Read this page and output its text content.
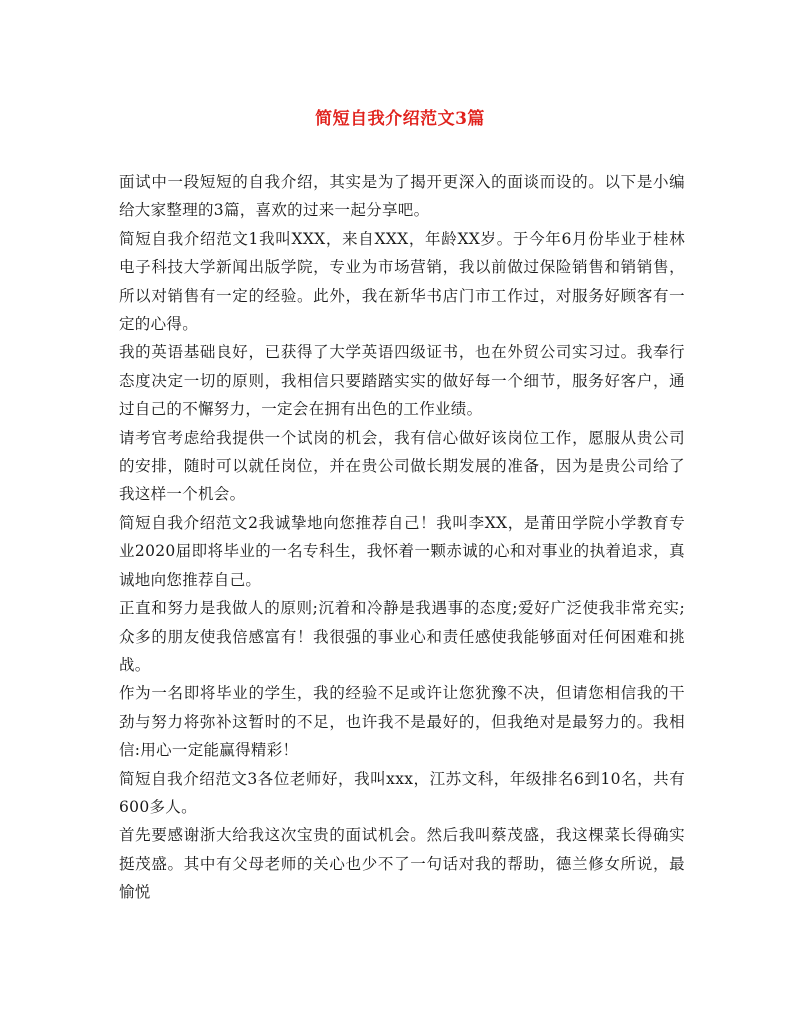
简短自我介绍范文3篇

面试中一段短短的自我介绍，其实是为了揭开更深入的面谈而设的。以下是小编给大家整理的3篇，喜欢的过来一起分享吧。

简短自我介绍范文1我叫XXX，来自XXX，年龄XX岁。于今年6月份毕业于桂林电子科技大学新闻出版学院，专业为市场营销，我以前做过保险销售和销销售，所以对销售有一定的经验。此外，我在新华书店门市工作过，对服务好顾客有一定的心得。

我的英语基础良好，已获得了大学英语四级证书，也在外贸公司实习过。我奉行态度决定一切的原则，我相信只要踏踏实实的做好每一个细节，服务好客户，通过自己的不懈努力，一定会在拥有出色的工作业绩。

请考官考虑给我提供一个试岗的机会，我有信心做好该岗位工作，愿服从贵公司的安排，随时可以就任岗位，并在贵公司做长期发展的准备，因为是贵公司给了我这样一个机会。

简短自我介绍范文2我诚挚地向您推荐自己！我叫李XX，是莆田学院小学教育专业2020届即将毕业的一名专科生，我怀着一颗赤诚的心和对事业的执着追求，真诚地向您推荐自己。

正直和努力是我做人的原则;沉着和冷静是我遇事的态度;爱好广泛使我非常充实;众多的朋友使我倍感富有！我很强的事业心和责任感使我能够面对任何困难和挑战。

作为一名即将毕业的学生，我的经验不足或许让您犹豫不决，但请您相信我的干劲与努力将弥补这暂时的不足，也许我不是最好的，但我绝对是最努力的。我相信:用心一定能赢得精彩！

简短自我介绍范文3各位老师好，我叫xxx，江苏文科，年级排名6到10名，共有600多人。

首先要感谢浙大给我这次宝贵的面试机会。然后我叫蔡茂盛，我这棵菜长得确实挺茂盛。其中有父母老师的关心也少不了一句话对我的帮助，德兰修女所说，最愉悦
